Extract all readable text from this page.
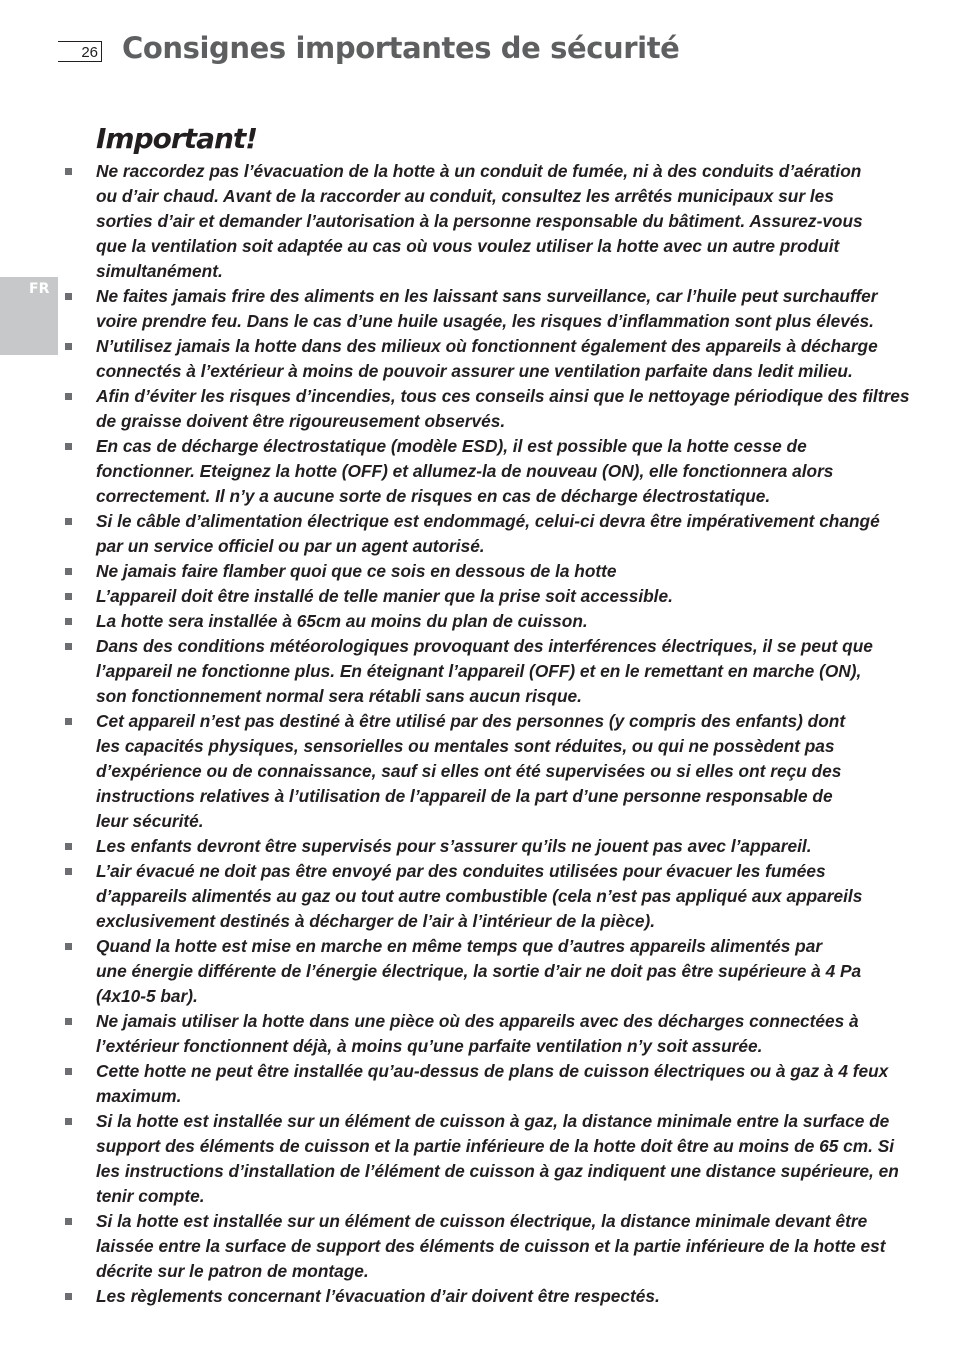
26 Consignes importantes de sécurité
FR
Important!
Ne raccordez pas l’évacuation de la hotte à un conduit de fumée, ni à des conduits d’aération
ou d’air chaud. Avant de la raccorder au conduit, consultez les arrêtés municipaux sur les
sorties d’air et demander l’autorisation à la personne responsable du bâtiment. Assurez-vous
que la ventilation soit adaptée au cas où vous voulez utiliser la hotte avec un autre produit
simultanément.
Ne faites jamais frire des aliments en les laissant sans surveillance, car l’huile peut surchauffer
voire prendre feu. Dans le cas d’une huile usagée, les risques d’inflammation sont plus élevés.
N’utilisez jamais la hotte dans des milieux où fonctionnent également des appareils à décharge
connectés à l’extérieur à moins de pouvoir assurer une ventilation parfaite dans ledit milieu.
Afin d’éviter les risques d’incendies, tous ces conseils ainsi que le nettoyage périodique des filtres
de graisse doivent être rigoureusement observés.
En cas de décharge électrostatique (modèle ESD), il est possible que la hotte cesse de
fonctionner. Eteignez la hotte (OFF) et allumez-la de nouveau (ON), elle fonctionnera alors
correctement. Il n’y a aucune sorte de risques en cas de décharge électrostatique.
Si le câble d’alimentation électrique est endommagé, celui-ci devra être impérativement changé
par un service officiel ou par un agent autorisé.
Ne jamais faire flamber quoi que ce sois en dessous de la hotte
L’appareil doit être installé de telle manier que la prise soit accessible.
La hotte sera installée à 65cm au moins du plan de cuisson.
Dans des conditions météorologiques provoquant des interférences électriques, il se peut que
l’appareil ne fonctionne plus. En éteignant l’appareil (OFF) et en le remettant en marche (ON),
son fonctionnement normal sera rétabli sans aucun risque.
Cet appareil n’est pas destiné à être utilisé par des personnes (y compris des enfants) dont
les capacités physiques, sensorielles ou mentales sont réduites, ou qui ne possèdent pas
d’expérience ou de connaissance, sauf si elles ont été supervisées ou si elles ont reçu des
instructions relatives à l’utilisation de l’appareil de la part d’une personne responsable de
leur sécurité.
Les enfants devront être supervisés pour s’assurer qu’ils ne jouent pas avec l’appareil.
L’air évacué ne doit pas être envoyé par des conduites utilisées pour évacuer les fumées
d’appareils alimentés au gaz ou tout autre combustible (cela n’est pas appliqué aux appareils
exclusivement destinés à décharger de l’air à l’intérieur de la pièce).
Quand la hotte est mise en marche en même temps que d’autres appareils alimentés par
une énergie différente de l’énergie électrique, la sortie d’air ne doit pas être supérieure à 4 Pa
(4x10-5 bar).
Ne jamais utiliser la hotte dans une pièce où des appareils avec des décharges connectées à
l’extérieur fonctionnent déjà, à moins qu’une parfaite ventilation n’y soit assurée.
Cette hotte ne peut être installée qu’au-dessus de plans de cuisson électriques ou à gaz à 4 feux
maximum.
Si la hotte est installée sur un élément de cuisson à gaz, la distance minimale entre la surface de
support des éléments de cuisson et la partie inférieure de la hotte doit être au moins de 65 cm. Si
les instructions d’installation de l’élément de cuisson à gaz indiquent une distance supérieure, en
tenir compte.
Si la hotte est installée sur un élément de cuisson électrique, la distance minimale devant être
laissée entre la surface de support des éléments de cuisson et la partie inférieure de la hotte est
décrite sur le patron de montage.
Les règlements concernant l’évacuation d’air doivent être respectés.
